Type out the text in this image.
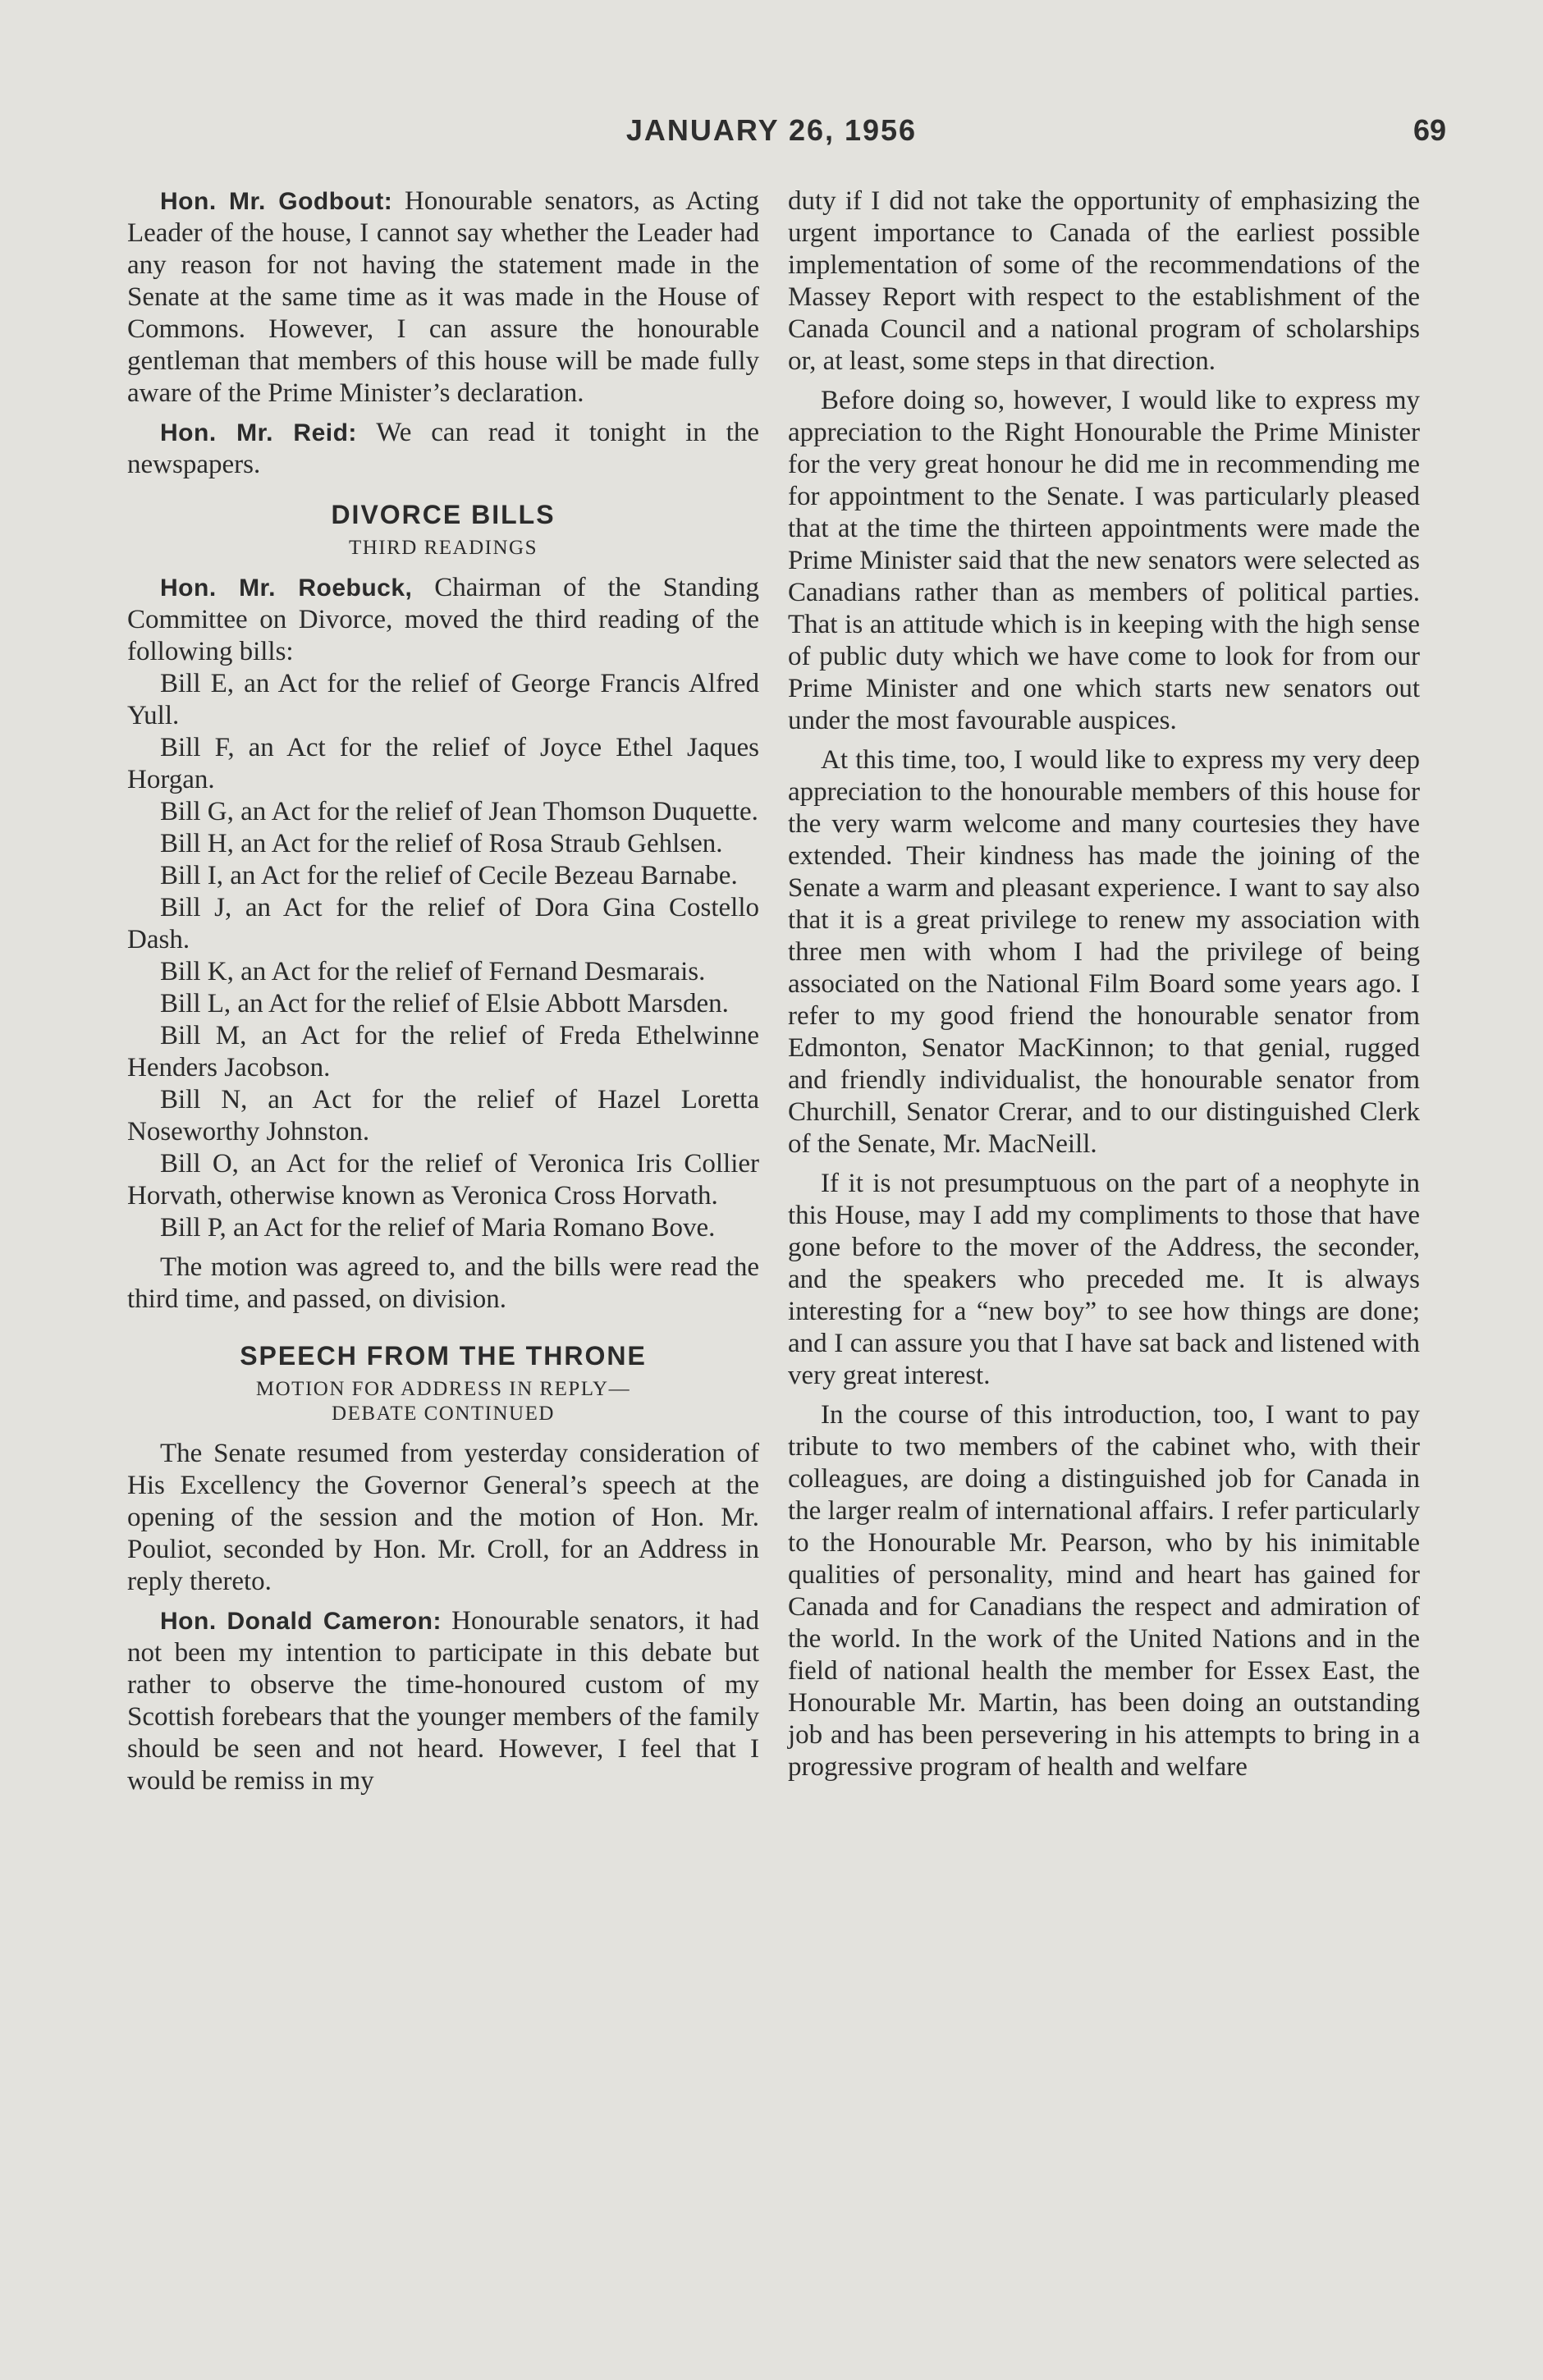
JANUARY 26, 1956	69

Hon. Mr. Godbout: Honourable senators, as Acting Leader of the house, I cannot say whether the Leader had any reason for not having the statement made in the Senate at the same time as it was made in the House of Commons. However, I can assure the honourable gentleman that members of this house will be made fully aware of the Prime Minister’s declaration.

Hon. Mr. Reid: We can read it tonight in the newspapers.

DIVORCE BILLS
THIRD READINGS

Hon. Mr. Roebuck, Chairman of the Standing Committee on Divorce, moved the third reading of the following bills:

Bill E, an Act for the relief of George Francis Alfred Yull.

Bill F, an Act for the relief of Joyce Ethel Jaques Horgan.

Bill G, an Act for the relief of Jean Thomson Duquette.

Bill H, an Act for the relief of Rosa Straub Gehlsen.

Bill I, an Act for the relief of Cecile Bezeau Barnabe.

Bill J, an Act for the relief of Dora Gina Costello Dash.

Bill K, an Act for the relief of Fernand Desmarais.

Bill L, an Act for the relief of Elsie Abbott Marsden.

Bill M, an Act for the relief of Freda Ethelwinne Henders Jacobson.

Bill N, an Act for the relief of Hazel Loretta Noseworthy Johnston.

Bill O, an Act for the relief of Veronica Iris Collier Horvath, otherwise known as Veronica Cross Horvath.

Bill P, an Act for the relief of Maria Romano Bove.

The motion was agreed to, and the bills were read the third time, and passed, on division.

SPEECH FROM THE THRONE
MOTION FOR ADDRESS IN REPLY—
DEBATE CONTINUED

The Senate resumed from yesterday consideration of His Excellency the Governor General’s speech at the opening of the session and the motion of Hon. Mr. Pouliot, seconded by Hon. Mr. Croll, for an Address in reply thereto.

Hon. Donald Cameron: Honourable senators, it had not been my intention to participate in this debate but rather to observe the time-honoured custom of my Scottish forebears that the younger members of the family should be seen and not heard. However, I feel that I would be remiss in my

duty if I did not take the opportunity of emphasizing the urgent importance to Canada of the earliest possible implementation of some of the recommendations of the Massey Report with respect to the establishment of the Canada Council and a national program of scholarships or, at least, some steps in that direction.

Before doing so, however, I would like to express my appreciation to the Right Honourable the Prime Minister for the very great honour he did me in recommending me for appointment to the Senate. I was particularly pleased that at the time the thirteen appointments were made the Prime Minister said that the new senators were selected as Canadians rather than as members of political parties. That is an attitude which is in keeping with the high sense of public duty which we have come to look for from our Prime Minister and one which starts new senators out under the most favourable auspices.

At this time, too, I would like to express my very deep appreciation to the honourable members of this house for the very warm welcome and many courtesies they have extended. Their kindness has made the joining of the Senate a warm and pleasant experience. I want to say also that it is a great privilege to renew my association with three men with whom I had the privilege of being associated on the National Film Board some years ago. I refer to my good friend the honourable senator from Edmonton, Senator MacKinnon; to that genial, rugged and friendly individualist, the honourable senator from Churchill, Senator Crerar, and to our distinguished Clerk of the Senate, Mr. MacNeill.

If it is not presumptuous on the part of a neophyte in this House, may I add my compliments to those that have gone before to the mover of the Address, the seconder, and the speakers who preceded me. It is always interesting for a “new boy” to see how things are done; and I can assure you that I have sat back and listened with very great interest.

In the course of this introduction, too, I want to pay tribute to two members of the cabinet who, with their colleagues, are doing a distinguished job for Canada in the larger realm of international affairs. I refer particularly to the Honourable Mr. Pearson, who by his inimitable qualities of personality, mind and heart has gained for Canada and for Canadians the respect and admiration of the world. In the work of the United Nations and in the field of national health the member for Essex East, the Honourable Mr. Martin, has been doing an outstanding job and has been persevering in his attempts to bring in a progressive program of health and welfare
